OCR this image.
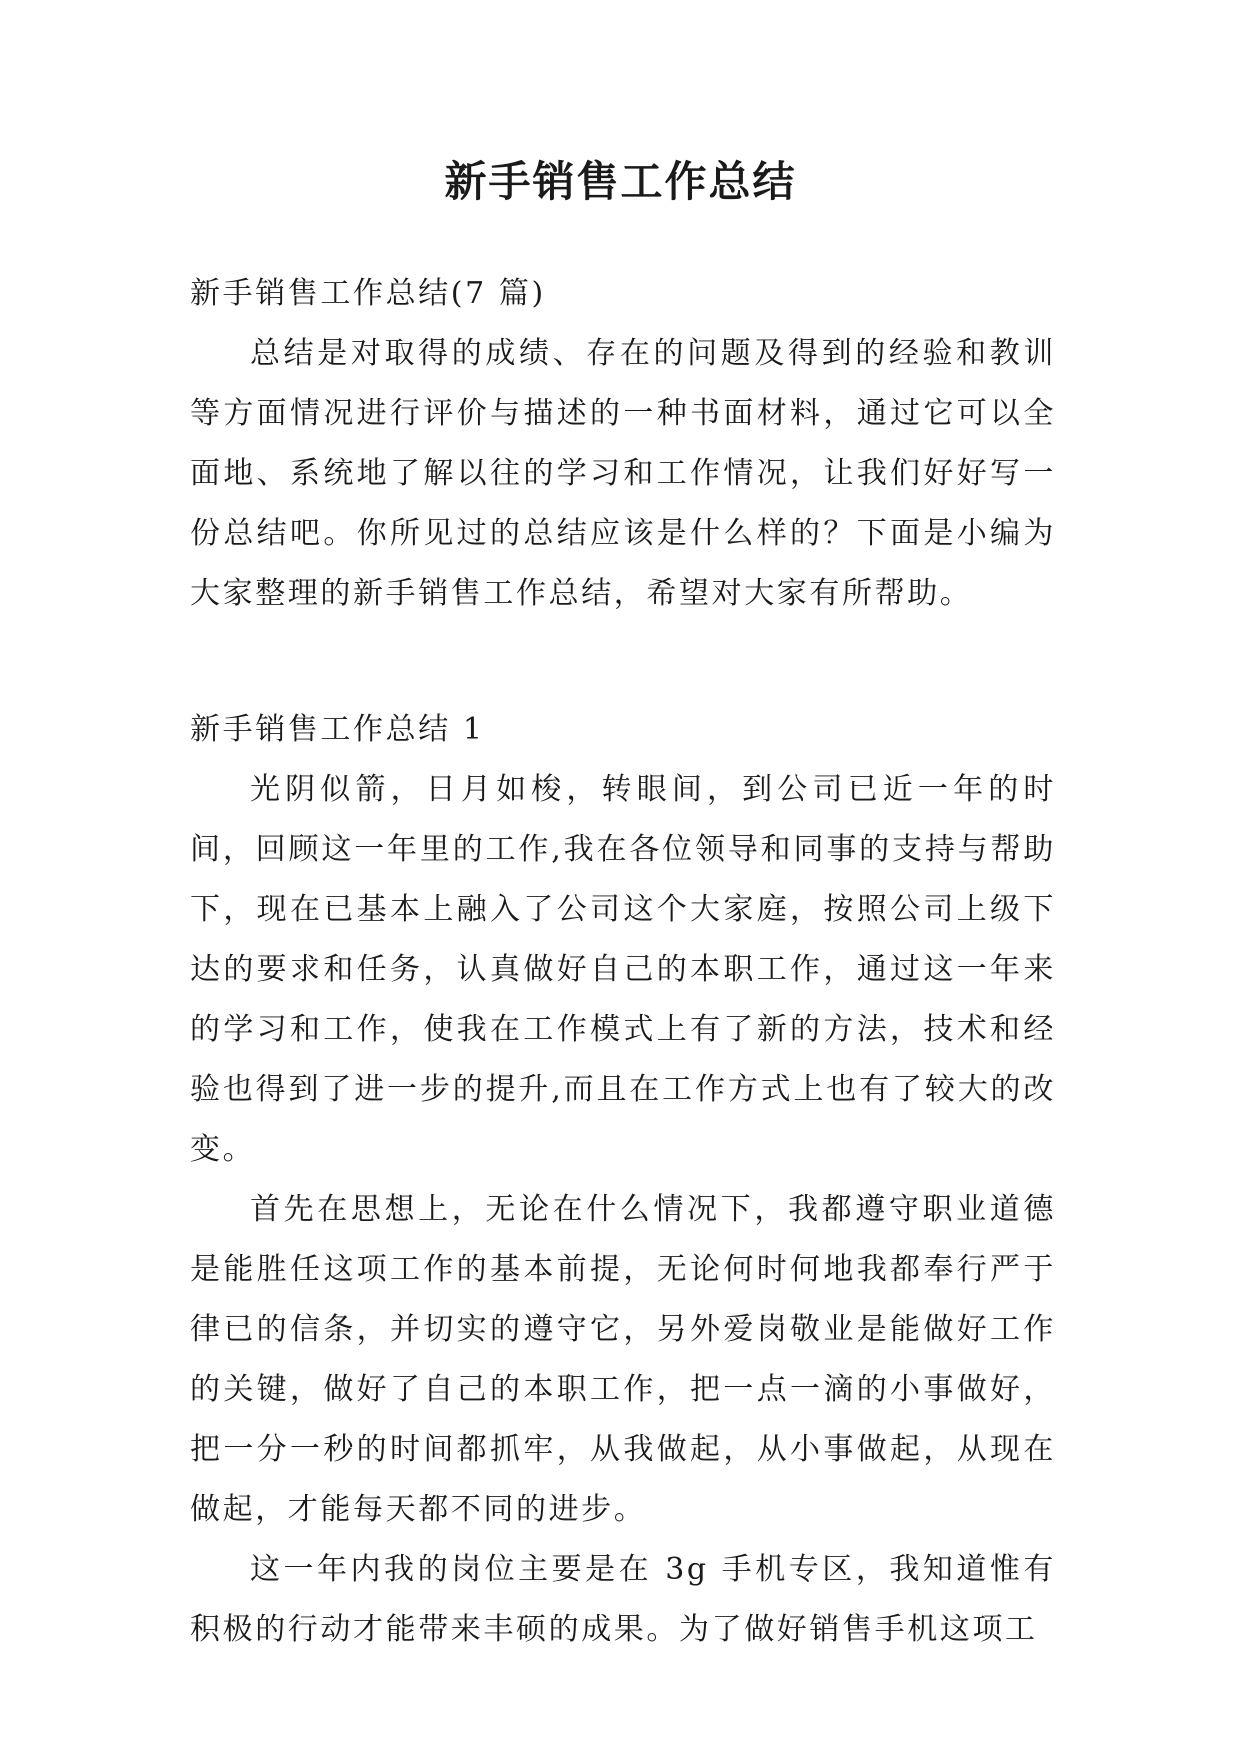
新手销售工作总结
新手销售工作总结(7 篇)

总结是对取得的成绩、存在的问题及得到的经验和教训等方面情况进行评价与描述的一种书面材料，通过它可以全面地、系统地了解以往的学习和工作情况，让我们好好写一份总结吧。你所见过的总结应该是什么样的？下面是小编为大家整理的新手销售工作总结，希望对大家有所帮助。

新手销售工作总结 1

光阴似箭，日月如梭，转眼间，到公司已近一年的时间，回顾这一年里的工作,我在各位领导和同事的支持与帮助下，现在已基本上融入了公司这个大家庭，按照公司上级下达的要求和任务，认真做好自己的本职工作，通过这一年来的学习和工作，使我在工作模式上有了新的方法，技术和经验也得到了进一步的提升,而且在工作方式上也有了较大的改变。

首先在思想上，无论在什么情况下，我都遵守职业道德是能胜任这项工作的基本前提，无论何时何地我都奉行严于律已的信条，并切实的遵守它，另外爱岗敬业是能做好工作的关键，做好了自己的本职工作，把一点一滴的小事做好，把一分一秒的时间都抓牢，从我做起，从小事做起，从现在做起，才能每天都不同的进步。

这一年内我的岗位主要是在 3g 手机专区，我知道惟有积极的行动才能带来丰硕的成果。为了做好销售手机这项工
